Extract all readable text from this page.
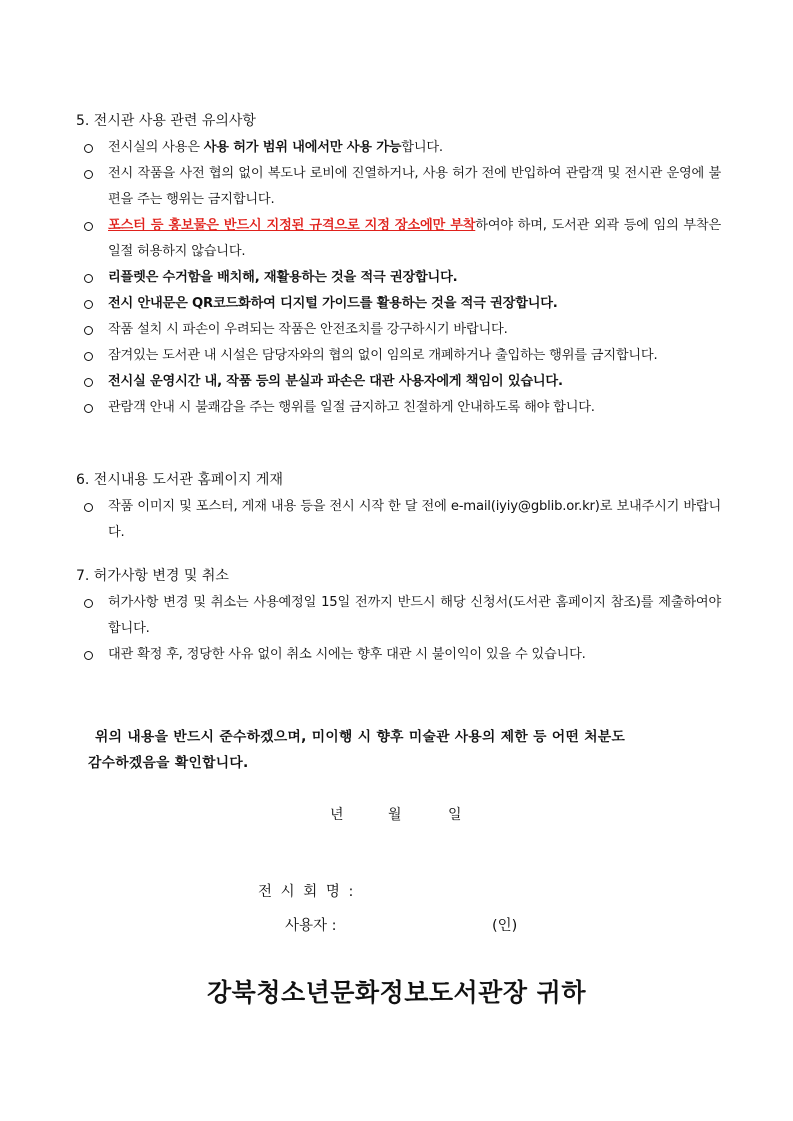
5. 전시관 사용 관련 유의사항
전시실의 사용은 사용 허가 범위 내에서만 사용 가능합니다.
전시 작품을 사전 협의 없이 복도나 로비에 진열하거나, 사용 허가 전에 반입하여 관람객 및 전시관 운영에 불편을 주는 행위는 금지합니다.
포스터 등 홍보물은 반드시 지정된 규격으로 지정 장소에만 부착하여야 하며, 도서관 외곽 등에 임의 부착은 일절 허용하지 않습니다.
리플렛은 수거함을 배치해, 재활용하는 것을 적극 권장합니다.
전시 안내문은 QR코드화하여 디지털 가이드를 활용하는 것을 적극 권장합니다.
작품 설치 시 파손이 우려되는 작품은 안전조치를 강구하시기 바랍니다.
잠겨있는 도서관 내 시설은 담당자와의 협의 없이 임의로 개폐하거나 출입하는 행위를 금지합니다.
전시실 운영시간 내, 작품 등의 분실과 파손은 대관 사용자에게 책임이 있습니다.
관람객 안내 시 불쾌감을 주는 행위를 일절 금지하고 친절하게 안내하도록 해야 합니다.
6. 전시내용 도서관 홈페이지 게재
작품 이미지 및 포스터, 게재 내용 등을 전시 시작 한 달 전에 e-mail(iyiy@gblib.or.kr)로 보내주시기 바랍니다.
7. 허가사항 변경 및 취소
허가사항 변경 및 취소는 사용예정일 15일 전까지 반드시 해당 신청서(도서관 홈페이지 참조)를 제출하여야 합니다.
대관 확정 후, 정당한 사유 없이 취소 시에는 향후 대관 시 불이익이 있을 수 있습니다.
위의 내용을 반드시 준수하겠으며, 미이행 시 향후 미술관 사용의 제한 등 어떤 처분도
감수하겠음을 확인합니다.
년	월	일
전 시 회 명 :
사용자 :	(인)
강북청소년문화정보도서관장 귀하
